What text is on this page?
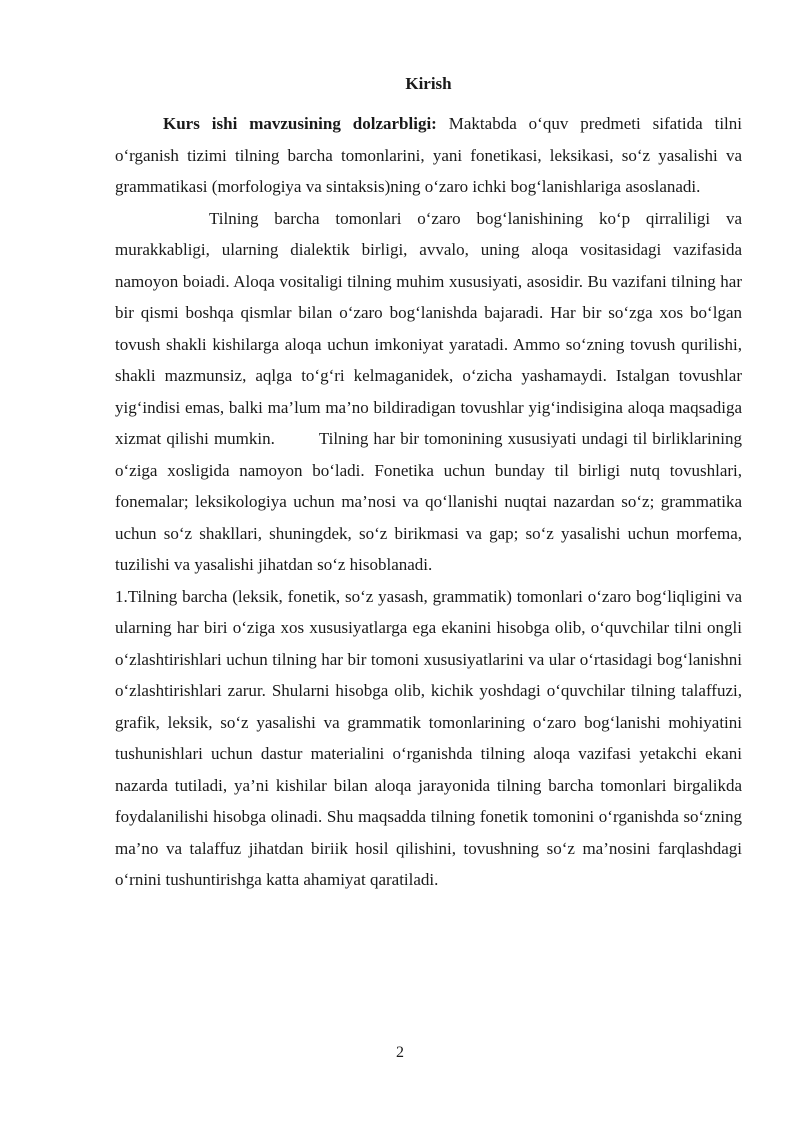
Kirish

Kurs ishi mavzusining dolzarbligi: Maktabda o‘quv predmeti sifatida tilni o‘rganish tizimi tilning barcha tomonlarini, yani fonetikasi, leksikasi, so‘z yasalishi va grammatikasi (morfologiya va sintaksis)ning o‘zaro ichki bog‘lanishlariga asoslanadi.

Tilning barcha tomonlari o‘zaro bog‘lanishining ko‘p qirraliligi va murakkabligi, ularning dialektik birligi, avvalo, uning aloqa vositasidagi vazifasida namoyon boiadi. Aloqa vositaligi tilning muhim xususiyati, asosidir. Bu vazifani tilning har bir qismi boshqa qismlar bilan o‘zaro bog‘lanishda bajaradi. Har bir so‘zga xos bo‘lgan tovush shakli kishilarga aloqa uchun imkoniyat yaratadi. Ammo so‘zning tovush qurilishi, shakli mazmunsiz, aqlga to‘g‘ri kelmaganidek, o‘zicha yashamaydi. Istalgan tovushlar yig‘indisi emas, balki ma’lum ma’no bildiradigan tovushlar yig‘indisigina aloqa maqsadiga xizmat qilishi mumkin.	Tilning har bir tomonining xususiyati undagi til birliklarining o‘ziga xosligida namoyon bo‘ladi. Fonetika uchun bunday til birligi nutq tovushlari, fonemalar; leksikologiya uchun ma’nosi va qo‘llanishi nuqtai nazardan so‘z; grammatika uchun so‘z shakllari, shuningdek, so‘z birikmasi va gap; so‘z yasalishi uchun morfema, tuzilishi va yasalishi jihatdan so‘z hisoblanadi.

1.Tilning barcha (leksik, fonetik, so‘z yasash, grammatik) tomonlari o‘zaro bog‘liqligini va ularning har biri o‘ziga xos xususiyatlarga ega ekanini hisobga olib, o‘quvchilar tilni ongli o‘zlashtirishlari uchun tilning har bir tomoni xususiyatlarini va ular o‘rtasidagi bog‘lanishni o‘zlashtirishlari zarur. Shularni hisobga olib, kichik yoshdagi o‘quvchilar tilning talaffuzi, grafik, leksik, so‘z yasalishi va grammatik tomonlarining o‘zaro bog‘lanishi mohiyatini tushunishlari uchun dastur materialini o‘rganishda tilning aloqa vazifasi yetakchi ekani nazarda tutiladi, ya’ni kishilar bilan aloqa jarayonida tilning barcha tomonlari birgalikda foydalanilishi hisobga olinadi. Shu maqsadda tilning fonetik tomonini o‘rganishda so‘zning ma’no va talaffuz jihatdan biriik hosil qilishini, tovushning so‘z ma’nosini farqlashdagi o‘rnini tushuntirishga katta ahamiyat qaratiladi.

2
